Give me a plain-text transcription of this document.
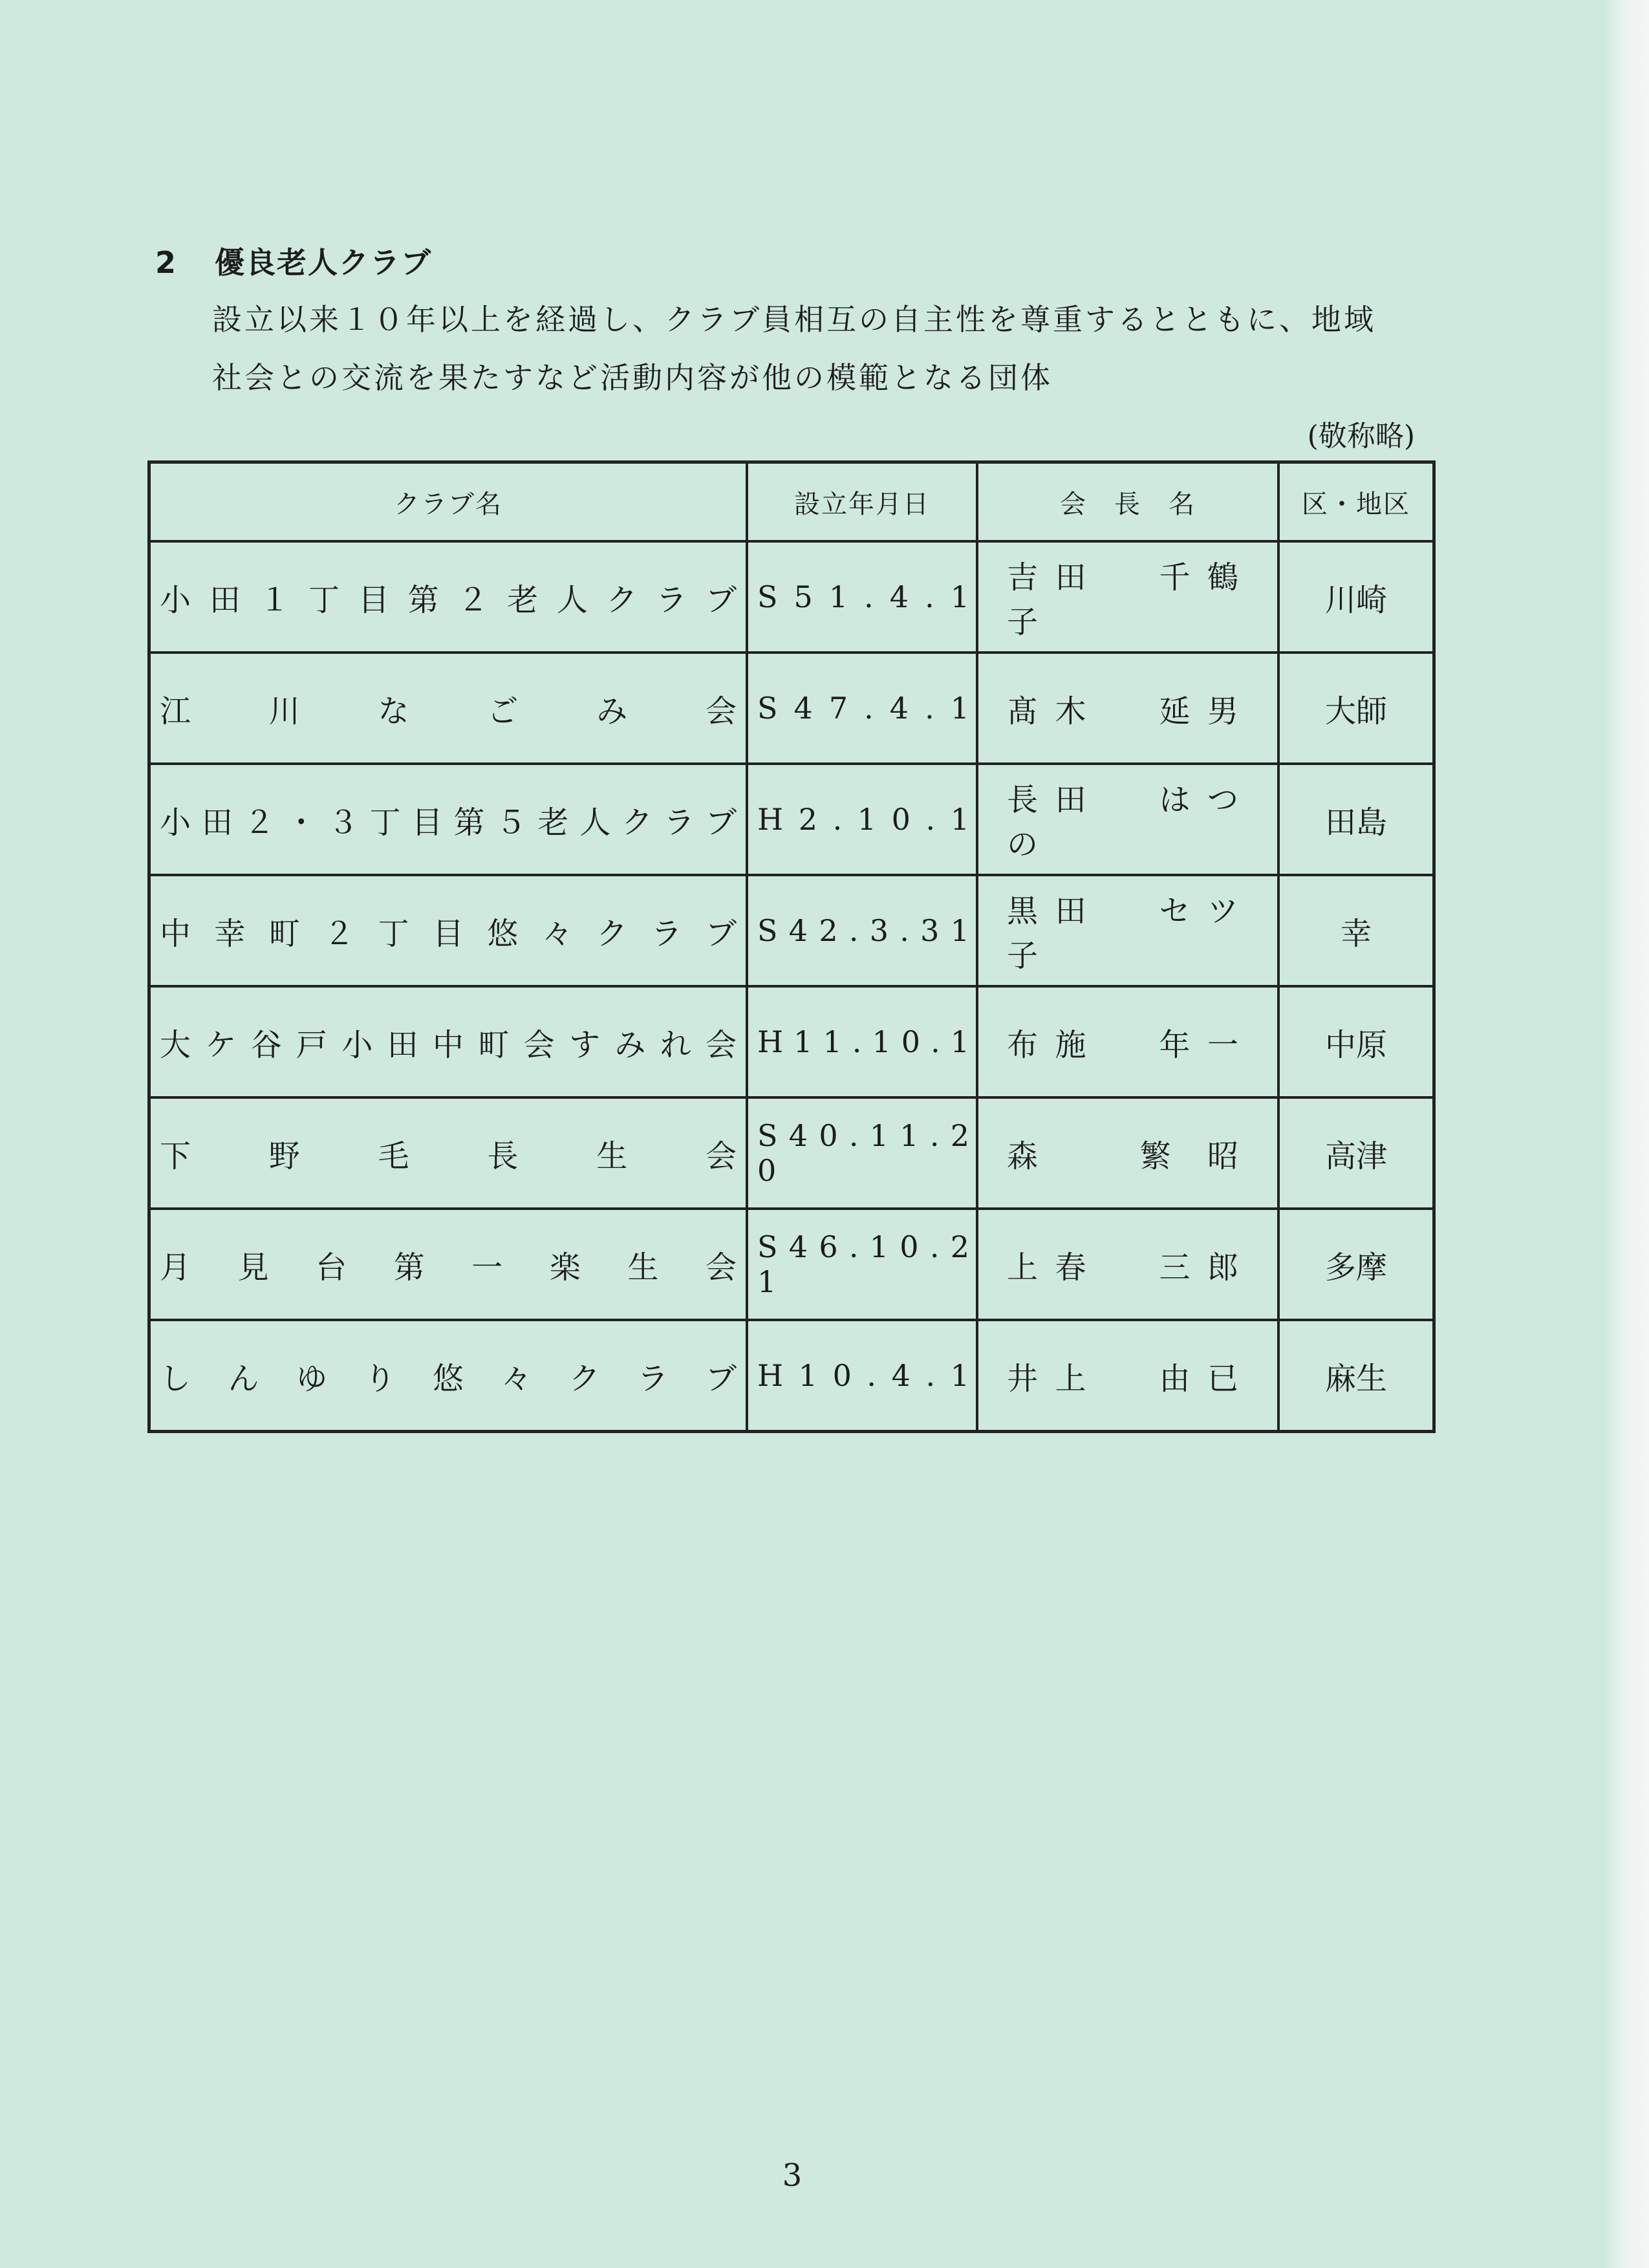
2 優良老人クラブ
設立以来１０年以上を経過し、クラブ員相互の自主性を尊重するとともに、地域
社会との交流を果たすなど活動内容が他の模範となる団体
(敬称略)
クラブ名	設立年月日	会　長　名	区・地区

小 田 １ 丁 目 第 ２ 老 人 ク ラ ブ	S 5 1 . 4 . 1	吉 田　　千 鶴 子	川崎

江 川 な ご み 会	S 4 7 . 4 . 1	髙 木　　延 男	大師

小 田 ２ ・ ３ 丁 目 第 ５ 老 人 ク ラ ブ	H 2 . 1 0 . 1	長 田　　は つ の	田島

中 幸 町 ２ 丁 目 悠 々 ク ラ ブ	S 4 2 . 3 . 3 1	黒 田　　セ ツ 子	幸

大 ケ 谷 戸 小 田 中 町 会 す み れ 会	H 1 1 . 1 0 . 1	布 施　　年 一	中原

下 野 毛 長 生 会	S 4 0 . 1 1 . 2 0	森　　繁 昭	高津

月 見 台 第 一 楽 生 会	S 4 6 . 1 0 . 2 1	上 春　　三 郎	多摩

し ん ゆ り 悠 々 ク ラ ブ	H 1 0 . 4 . 1	井 上　　由 已	麻生
3
